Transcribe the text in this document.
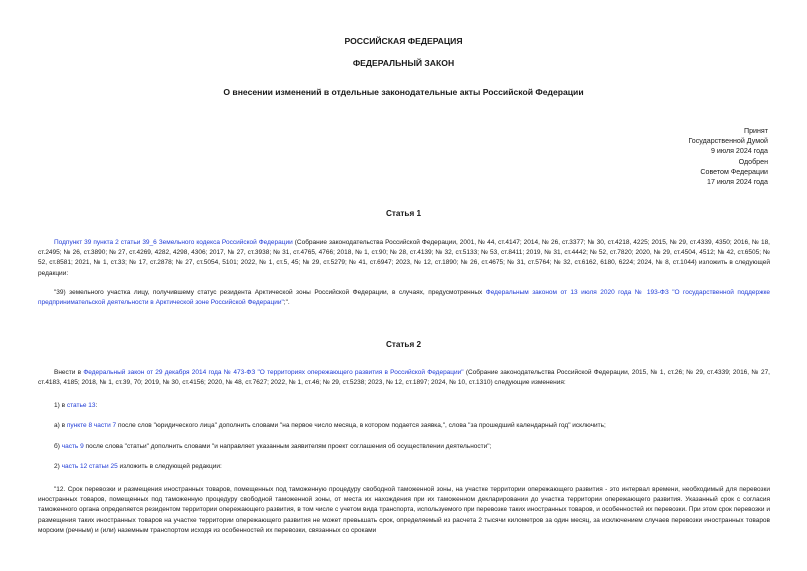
РОССИЙСКАЯ ФЕДЕРАЦИЯ
ФЕДЕРАЛЬНЫЙ ЗАКОН
О внесении изменений в отдельные законодательные акты Российской Федерации
Принят
Государственной Думой
9 июля 2024 года
Одобрен
Советом Федерации
17 июля 2024 года
Статья 1
Подпункт 39 пункта 2 статьи 39_6 Земельного кодекса Российской Федерации (Собрание законодательства Российской Федерации, 2001, № 44, ст.4147; 2014, № 26, ст.3377; № 30, ст.4218, 4225; 2015, № 29, ст.4339, 4350; 2016, № 18, ст.2495; № 26, ст.3890; № 27, ст.4269, 4282, 4298, 4306; 2017, № 27, ст.3938; № 31, ст.4765, 4766; 2018, № 1, ст.90; № 28, ст.4139; № 32, ст.5133; № 53, ст.8411; 2019, № 31, ст.4442; № 52, ст.7820; 2020, № 29, ст.4504, 4512; № 42, ст.6505; № 52, ст.8581; 2021, № 1, ст.33; № 17, ст.2878; № 27, ст.5054, 5101; 2022, № 1, ст.5, 45; № 29, ст.5279; № 41, ст.6947; 2023, № 12, ст.1890; № 26, ст.4675; № 31, ст.5764; № 32, ст.6162, 6180, 6224; 2024, № 8, ст.1044) изложить в следующей редакции:
"39) земельного участка лицу, получившему статус резидента Арктической зоны Российской Федерации, в случаях, предусмотренных Федеральным законом от 13 июля 2020 года № 193-ФЗ "О государственной поддержке предпринимательской деятельности в Арктической зоне Российской Федерации";".
Статья 2
Внести в Федеральный закон от 29 декабря 2014 года № 473-ФЗ "О территориях опережающего развития в Российской Федерации" (Собрание законодательства Российской Федерации, 2015, № 1, ст.26; № 29, ст.4339; 2016, № 27, ст.4183, 4185; 2018, № 1, ст.39, 70; 2019, № 30, ст.4156; 2020, № 48, ст.7627; 2022, № 1, ст.46; № 29, ст.5238; 2023, № 12, ст.1897; 2024, № 10, ст.1310) следующие изменения:
1) в статье 13:
а) в пункте 8 части 7 после слов "юридического лица" дополнить словами "на первое число месяца, в котором подается заявка,", слова "за прошедший календарный год" исключить;
б) часть 9 после слова "статьи" дополнить словами "и направляет указанным заявителям проект соглашения об осуществлении деятельности";
2) часть 12 статьи 25 изложить в следующей редакции:
"12. Срок перевозки и размещения иностранных товаров, помещенных под таможенную процедуру свободной таможенной зоны, на участке территории опережающего развития - это интервал времени, необходимый для перевозки иностранных товаров, помещенных под таможенную процедуру свободной таможенной зоны, от места их нахождения при их таможенном декларировании до участка территории опережающего развития. Указанный срок с согласия таможенного органа определяется резидентом территории опережающего развития, в том числе с учетом вида транспорта, используемого при перевозке таких иностранных товаров, и особенностей их перевозки. При этом срок перевозки и размещения таких иностранных товаров на участке территории опережающего развития не может превышать срок, определяемый из расчета 2 тысячи километров за один месяц, за исключением случаев перевозки иностранных товаров морским (речным) и (или) наземным транспортом исходя из особенностей их перевозки, связанных со сроками
